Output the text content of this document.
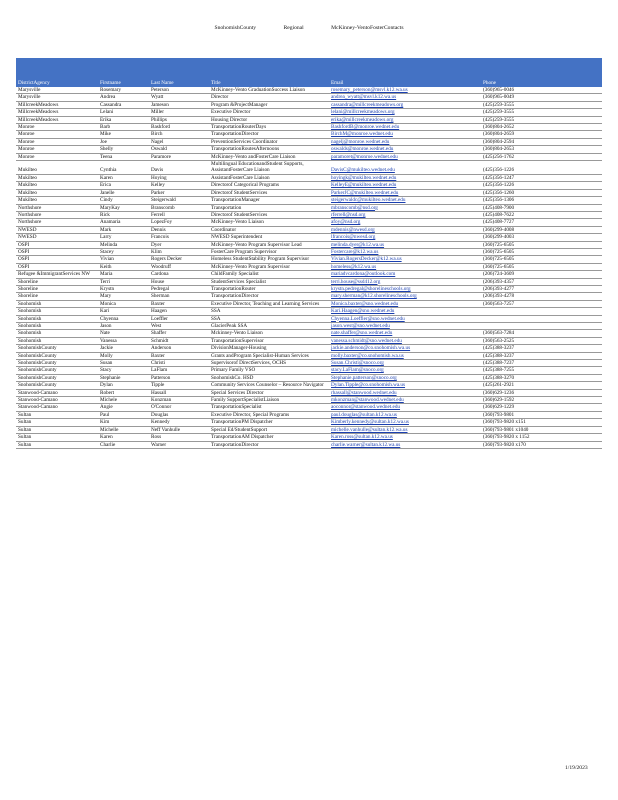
SnohomishCounty	Regional	McKinney-VentoFosterContacts
DistrictAgency	Firstname	Last Name	Title	Email	Phone
Marysville	Rosemary	Peterson	McKinney-Vento GraduationSuccess Liaison	rosemary_peterson@msvl.k12.wa.us	(360)965-0046
Marysville	Andrea	Wyatt	Director	andrea_wyatt@msvl.k12.wa.us	(360)965-0049
MillcreekMeadows	Cassandra	Jameson	Program &ProjectManager	cassandra@millcreekmeadows.org	(425)259-3555
MillcreekMeadows	Lelani	Miller	Executive Director	lelani@millcreekmeadows.org	(425)259-3555
MillcreekMeadows	Erika	Phillips	Housing Director	erika@millcreekmeadows.org	(425)259-3555
Monroe	Barb	Bashford	TransportationRouterDays	BashfordB@monroe.wednet.edu	(360)804-2652
Monroe	Mike	Birch	TransportationDirector	BirchM@monroe.wednet.edu	(360)804-2659
Monroe	Joe	Nagel	PreventionServices Coordinator	nagelj@monroe.wednet.edu	(360)804-2594
Monroe	Shelly	Oswald	TransportationRoutesAfternoons	oswalds@monroe.wednet.edu	(360)804-2653
Monroe	Teena	Paramore	McKinney-Vento andFosterCare Liaison	paramoret@monroe.wednet.edu	(425)256-1762
Mukilteo	Cynthia	Davis	Multilingual EducationandStudent Supports, AssistantFosterCare Liaison	DavisC@mukilteo.wednet.edu	(425)356-1226
Mukilteo	Karen	Hoying	AssistantFosterCare Liaison	hoyingk@mukilteo.wednet.edu	(425)356-1247
Mukilteo	Erica	Kelley	Directorof Categorical Programs	KelleyE@mukilteo.wednet.edu	(425)356-1226
Mukilteo	Janelle	Parker	Directorof StudentServices	ParkerJC@mukilteo.wednet.edu	(425)356-1260
Mukilteo	Cindy	Steigerwald	TransportationManager	steigerwaldc@mukilteo.wednet.edu	(425)356-1306
Northshore	MaryKay	Branscomb	Transportation	mbranscomb@nsd.org	(425)408-7900
Northshore	Rick	Ferrell	Directorof StudentServices	rferrell@nsd.org	(425)408-7622
Northshore	Anamaria	LopezFoy	McKinney-Vento Liaison	afoy@nsd.org	(425)408-7727
NWESD	Mark	Dennis	Coordinator	mdennis@nwesd.org	(360)299-4008
NWESD	Larry	Francois	NWESD Superintendent	lfrancois@nwesd.org	(360)299-4003
OSPI	Melinda	Dyer	McKinney-Vento Program Supervisor Lead	melinda.dyer@k12.wa.us	(360)725-6505
OSPI	Stacey	Klim	FosterCare Program Supervisor	Fostercare@k12.wa.us	(360)725-6505
OSPI	Vivian	Rogers Decker	Homeless StudentStability Program Supervisor	Vivian.RogersDecker@k12.wa.us	(360)725-6505
OSPI	Keith	Woodruff	McKinney-Vento Program Supervisor	homeless@k12.wa.us	(360)725-6505
Refugee &ImmigrantServices NW	Maria	Cardona	ChildFamily Specialist	mariadvcardona@outlook.com	(206)724-3609
Shoreline	Terri	House	StudentServices Specialist	terri.house@ssd412.org	(206)393-4357
Shoreline	Krystn	Pedregal	TransportationRouter	krystn.pedregal@shorelineschools.org	(206)393-4277
Shoreline	Mary	Sherman	TransportationDirector	mary.sherman@k12.shorelineschools.org	(206)393-4278
Snohomish	Monica	Baxter	Executive Director, Teaching and Learning Services	Monica.baxter@sno.wednet.edu	(360)563-7257
Snohomish	Kari	Haagen	SSA	Kari.Haagen@sno.wednet.edu	
Snohomish	Chyenna	Loeffler	SSA	Chyenna.Loeffler@sno.wednet.edu	
Snohomish	Jason	West	GlacierPeak SSA	jason.west@sno.wednet.edu	
Snohomish	Nate	Shaffer	Mckinney-Vento Liaison	nate.shaffer@sno.wednet.edu	(360)563-7284
Snohomish	Vanessa	Schmidt	TransportationSupervisor	vanessa.schmidt@sno.wednet.edu	(360)563-2525
SnohomishCounty	Jackie	Anderson	DivisionManager-Housing	jackie.anderson@co.snohomish.wa.us	(425)388-3237
SnohomishCounty	Molly	Baxter	Grants andProgram Specialist-Human Services	molly.baxter@co.snohomish.wa.us	(425)388-3237
SnohomishCounty	Susan	Christi	Supervisorof DirectServices, OCHS	Susan.Christi@snoco.org	(425)388-7237
SnohomishCounty	Stacy	LaFlam	Primary Family VSO	stacy.LaFlam@snoco.org	(425)388-7255
SnohomishCounty	Stephanie	Patterson	SnohomishCo. HSD	Stephanie.patterson@snoco.org	(425)388-3270
SnohomishCounty	Dylan	Tipple	Community Services Counselor – Resource Navigator	Dylan.Tipple@co.snohomish.wa.us	(425)261-2921
Stanwood-Camano	Robert	Hassall	Special Services Director	rhassall@stanwood.wednet.edu	(360)629-1236
Stanwood-Camano	Michele	Konzman	Family SupportSpecialistLiaison	mkonzman@stanwood.wednet.edu	(360)629-1592
Stanwood-Camano	Angie	O'Connor	TransportationSpecialist	aoconnor@stanwood.wednet.edu	(360)629-1229
Sultan	Paul	Douglas	Executive Director, Special Programs	paul.douglas@sultan.k12.wa.us	(360)793-9801
Sultan	Kim	Kennedy	TransportationPM Dispatcher	Kimberly.kennedy@sultan.k12.wa.us	(360)793-9820 x151
Sultan	Michelle	Neff Vanhulle	Special Ed/StudentSupport	michelle.vanhulle@sultan.k12.wa.us	(360)793-9801 x1040
Sultan	Karen	Ross	TransportationAM Dispatcher	Karen.ross@sultan.k12.wa.us	(360)793-9820 x 1152
Sultan	Charlie	Warner	TransportationDirector	charlie.warner@sultan.k12.wa.us	(360)793-9820 x170
1/19/2023
